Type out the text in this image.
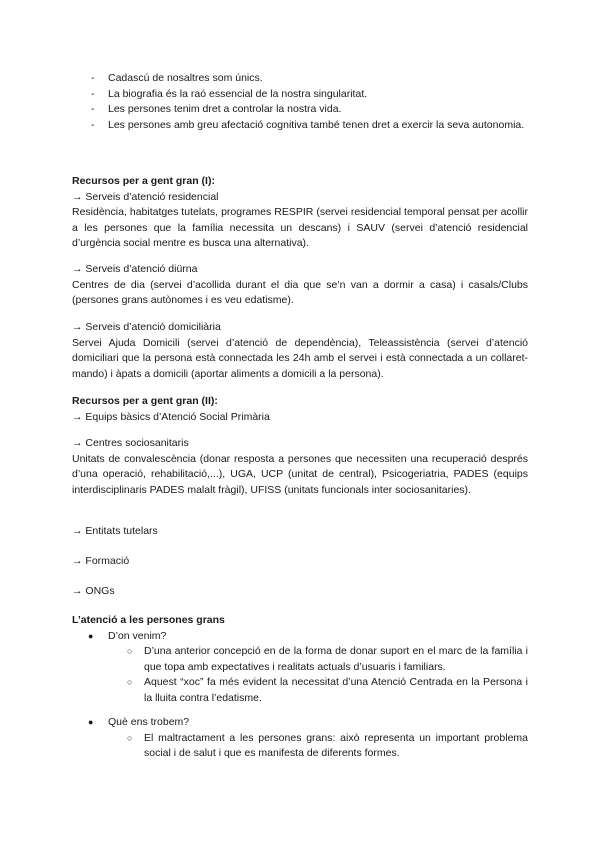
- Cadascú de nosaltres som únics.
- La biografia és la raó essencial de la nostra singularitat.
- Les persones tenim dret a controlar la nostra vida.
- Les persones amb greu afectació cognitiva també tenen dret a exercir la seva autonomia.
Recursos per a gent gran (I):
→ Serveis d’atenció residencial
Residència, habitatges tutelats, programes RESPIR (servei residencial temporal pensat per acollir a les persones que la família necessita un descans) i SAUV (servei d’atenció residencial d’urgència social mentre es busca una alternativa).
→ Serveis d’atenció diürna
Centres de dia (servei d’acollida durant el dia que se’n van a dormir a casa) i casals/Clubs (persones grans autònomes i es veu edatisme).
→ Serveis d’atenció domiciliària
Servei Ajuda Domicili (servei d’atenció de dependència), Teleassistència (servei d’atenció domiciliari que la persona està connectada les 24h amb el servei i està connectada a un collaret-mando) i àpats a domicili (aportar aliments a domicili a la persona).
Recursos per a gent gran (II):
→ Equips bàsics d’Atenció Social Primària
→ Centres sociosanitaris
Unitats de convalescència (donar resposta a persones que necessiten una recuperació després d’una operació, rehabilitació,...), UGA, UCP (unitat de central), Psicogeriatria, PADES (equips interdisciplinaris PADES malalt fràgil), UFISS (unitats funcionals inter sociosanitaries).
→ Entitats tutelars
→ Formació
→ ONGs
L’atenció a les persones grans
● D’on venim?
○ D’una anterior concepció en de la forma de donar suport en el marc de la família i que topa amb expectatives i realitats actuals d’usuaris i familiars.
○ Aquest “xoc” fa més evident la necessitat d’una Atenció Centrada en la Persona i la lluita contra l’edatisme.
● Què ens trobem?
○ El maltractament a les persones grans: això representa un important problema social i de salut i que es manifesta de diferents formes.
